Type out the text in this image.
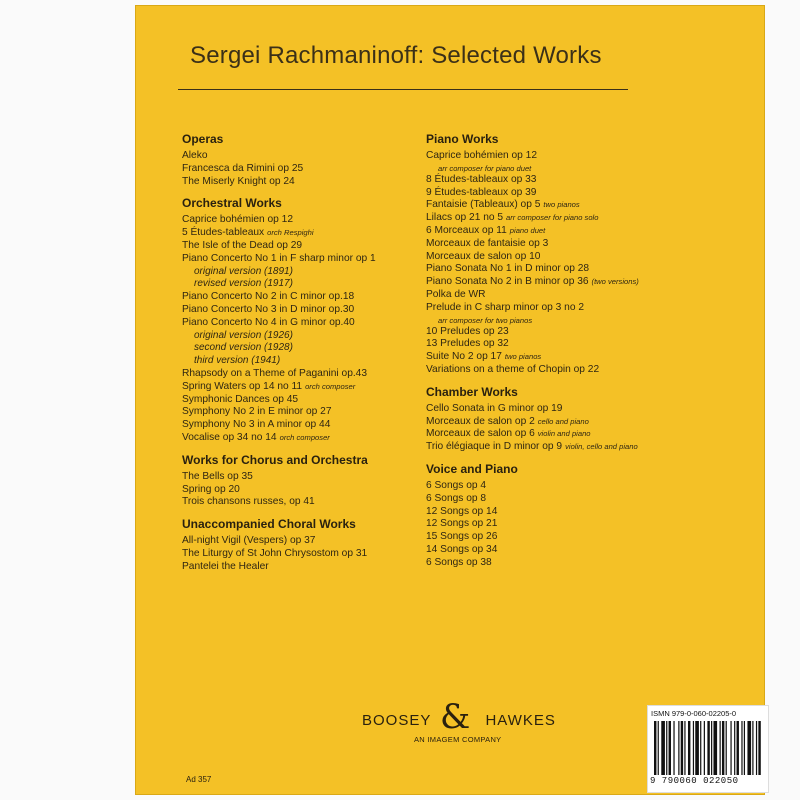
Sergei Rachmaninoff: Selected Works
Operas
Aleko
Francesca da Rimini op 25
The Miserly Knight op 24
Orchestral Works
Caprice bohémien op 12
5 Études-tableaux orch Respighi
The Isle of the Dead op 29
Piano Concerto No 1 in F sharp minor op 1
original version (1891)
revised version (1917)
Piano Concerto No 2 in C minor op.18
Piano Concerto No 3 in D minor op.30
Piano Concerto No 4 in G minor op.40
original version (1926)
second version (1928)
third version (1941)
Rhapsody on a Theme of Paganini op.43
Spring Waters op 14 no 11 orch composer
Symphonic Dances op 45
Symphony No 2 in E minor op 27
Symphony No 3 in A minor op 44
Vocalise op 34 no 14 orch composer
Works for Chorus and Orchestra
The Bells op 35
Spring op 20
Trois chansons russes, op 41
Unaccompanied Choral Works
All-night Vigil (Vespers) op 37
The Liturgy of St John Chrysostom op 31
Pantelei the Healer
Piano Works
Caprice bohémien op 12
arr composer for piano duet
8 Études-tableaux op 33
9 Études-tableaux op 39
Fantaisie (Tableaux) op 5 two pianos
Lilacs op 21 no 5 arr composer for piano solo
6 Morceaux op 11 piano duet
Morceaux de fantaisie op 3
Morceaux de salon op 10
Piano Sonata No 1 in D minor op 28
Piano Sonata No 2 in B minor op 36 (two versions)
Polka de WR
Prelude in C sharp minor op 3 no 2
arr composer for two pianos
10 Preludes op 23
13 Preludes op 32
Suite No 2 op 17 two pianos
Variations on a theme of Chopin op 22
Chamber Works
Cello Sonata in G minor op 19
Morceaux de salon op 2 cello and piano
Morceaux de salon op 6 violin and piano
Trio élégiaque in D minor op 9 violin, cello and piano
Voice and Piano
6 Songs op 4
6 Songs op 8
12 Songs op 14
12 Songs op 21
15 Songs op 26
14 Songs op 34
6 Songs op 38
BOOSEY	HAWKES
&
AN IMAGEM COMPANY
Ad 357
ISMN 979-0-060-02205-0
9 790060 022050
